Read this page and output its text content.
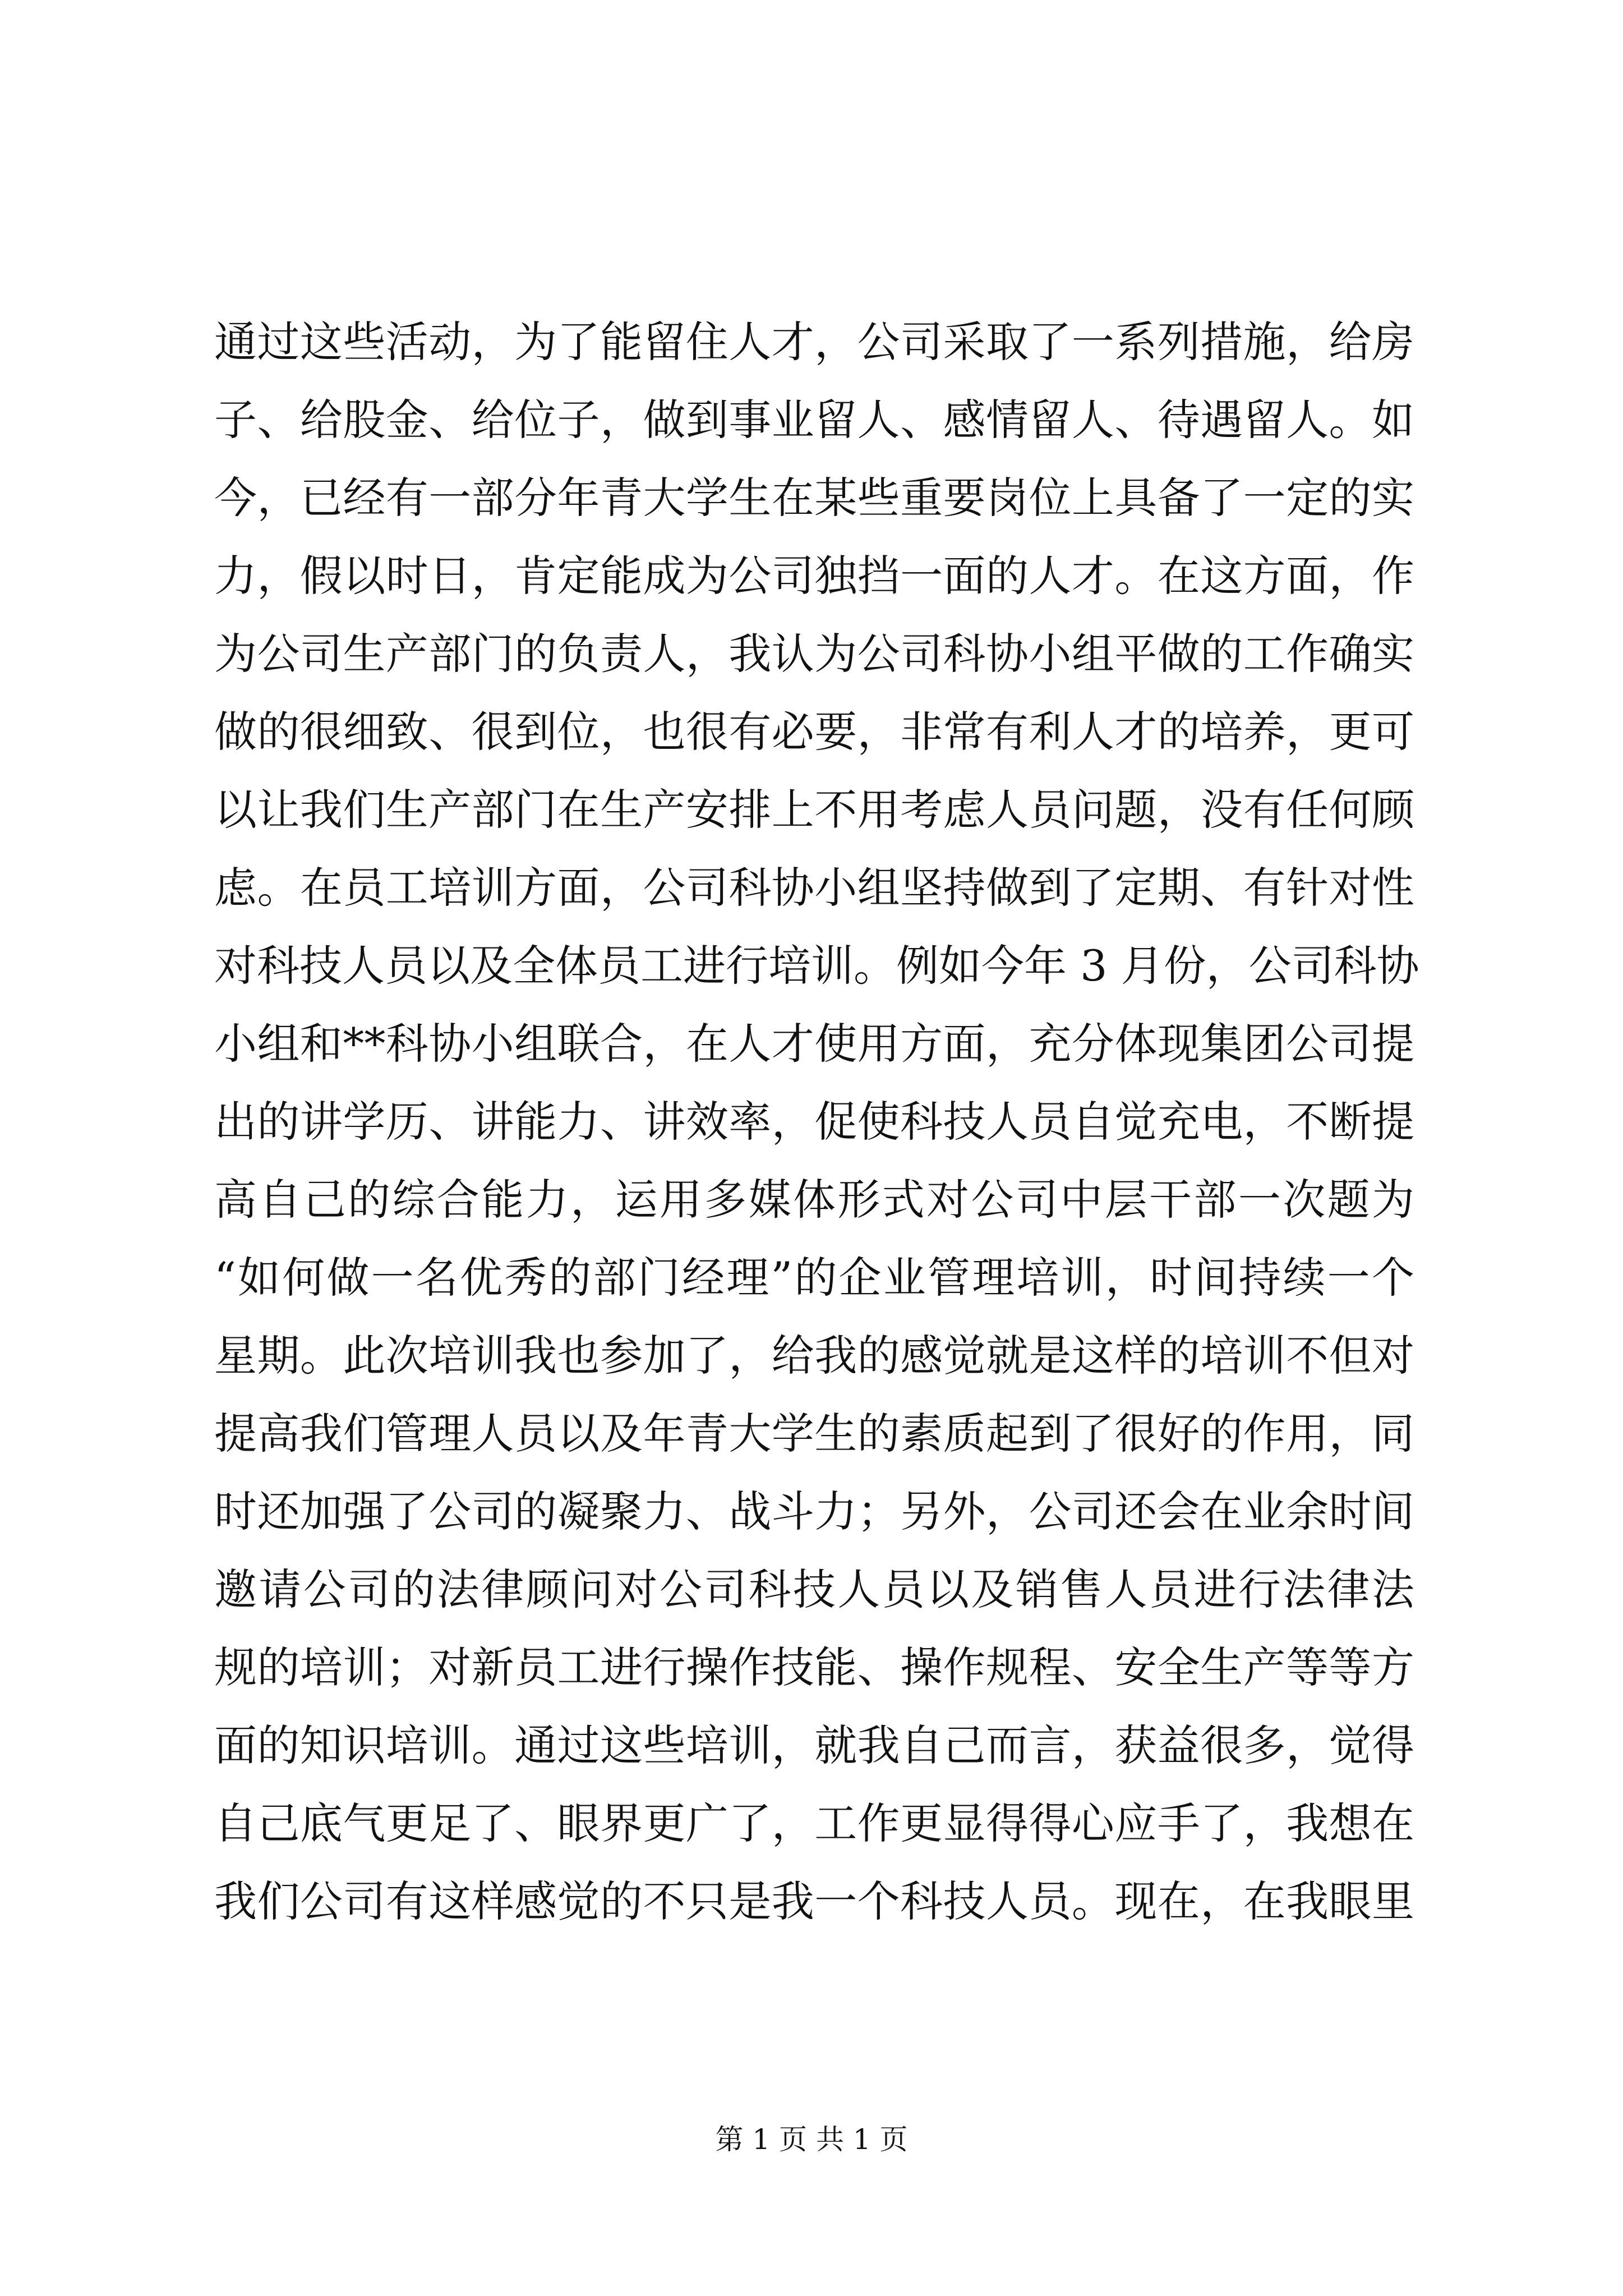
通过这些活动，为了能留住人才，公司采取了一系列措施，给房
子、给股金、给位子，做到事业留人、感情留人、待遇留人。如
今，已经有一部分年青大学生在某些重要岗位上具备了一定的实
力，假以时日，肯定能成为公司独挡一面的人才。在这方面，作
为公司生产部门的负责人，我认为公司科协小组平做的工作确实
做的很细致、很到位，也很有必要，非常有利人才的培养，更可
以让我们生产部门在生产安排上不用考虑人员问题，没有任何顾
虑。在员工培训方面，公司科协小组坚持做到了定期、有针对性
对科技人员以及全体员工进行培训。例如今年 3 月份，公司科协
小组和**科协小组联合，在人才使用方面，充分体现集团公司提
出的讲学历、讲能力、讲效率，促使科技人员自觉充电，不断提
高自己的综合能力，运用多媒体形式对公司中层干部一次题为
“如何做一名优秀的部门经理”的企业管理培训，时间持续一个
星期。此次培训我也参加了，给我的感觉就是这样的培训不但对
提高我们管理人员以及年青大学生的素质起到了很好的作用，同
时还加强了公司的凝聚力、战斗力；另外，公司还会在业余时间
邀请公司的法律顾问对公司科技人员以及销售人员进行法律法
规的培训；对新员工进行操作技能、操作规程、安全生产等等方
面的知识培训。通过这些培训，就我自己而言，获益很多，觉得
自己底气更足了、眼界更广了，工作更显得得心应手了，我想在
我们公司有这样感觉的不只是我一个科技人员。现在，在我眼里
第 1 页 共 1 页
